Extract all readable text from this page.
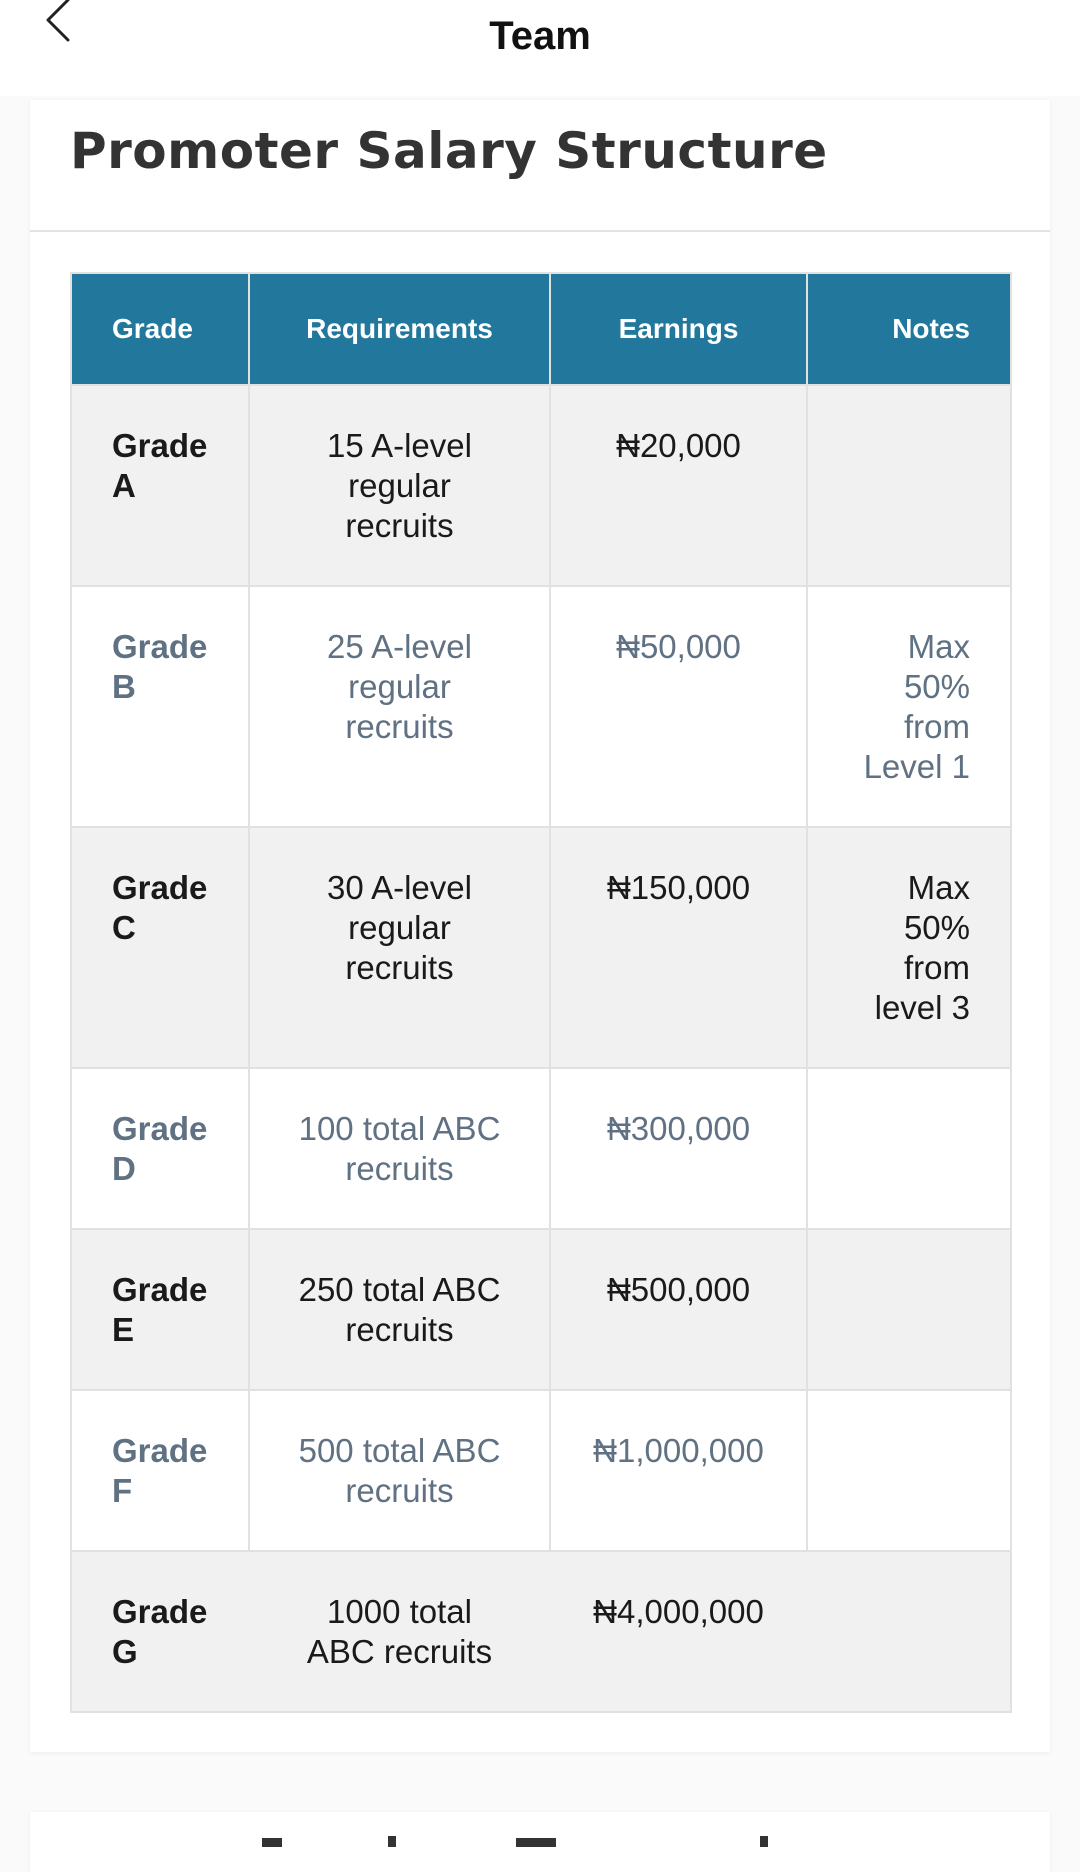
Team
Promoter Salary Structure
Grade	Requirements	Earnings	Notes
Grade A	15 A-level regular recruits	₦20,000	
Grade B	25 A-level regular recruits	₦50,000	Max 50% from Level 1
Grade C	30 A-level regular recruits	₦150,000	Max 50% from level 3
Grade D	100 total ABC recruits	₦300,000	
Grade E	250 total ABC recruits	₦500,000	
Grade F	500 total ABC recruits	₦1,000,000	
Grade G	1000 total ABC recruits	₦4,000,000	
